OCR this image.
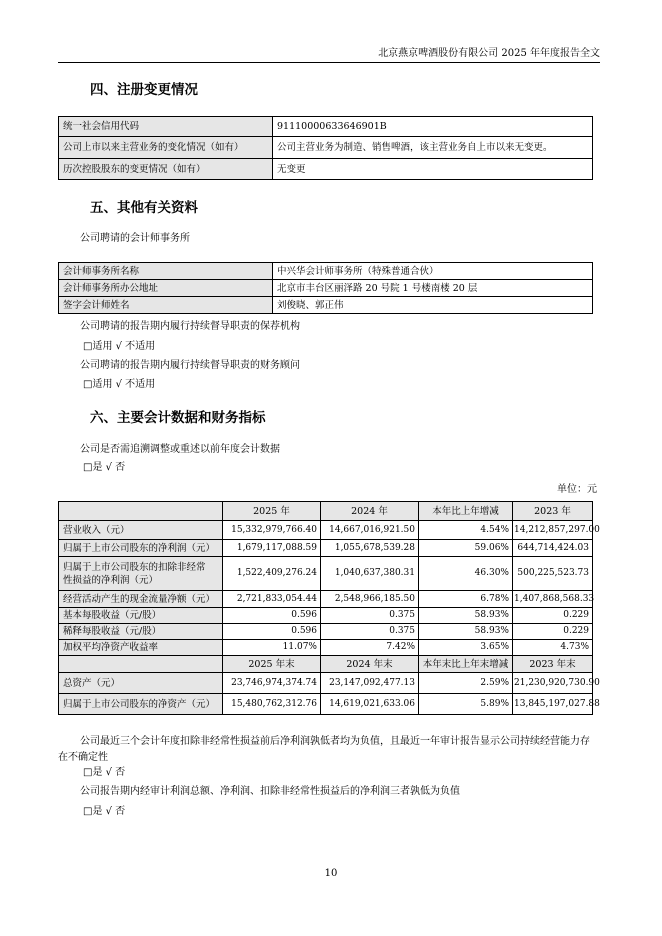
北京燕京啤酒股份有限公司 2025 年年度报告全文
四、注册变更情况
统一社会信用代码	91110000633646901B
公司上市以来主营业务的变化情况（如有）	公司主营业务为制造、销售啤酒，该主营业务自上市以来无变更。
历次控股股东的变更情况（如有）	无变更
五、其他有关资料
公司聘请的会计师事务所
会计师事务所名称	中兴华会计师事务所（特殊普通合伙）
会计师事务所办公地址	北京市丰台区丽泽路 20 号院 1 号楼南楼 20 层
签字会计师姓名	刘俊晓、郭正伟
公司聘请的报告期内履行持续督导职责的保荐机构
□适用 √ 不适用
公司聘请的报告期内履行持续督导职责的财务顾问
□适用 √ 不适用
六、主要会计数据和财务指标
公司是否需追溯调整或重述以前年度会计数据
□是 √ 否
单位：元
	2025 年	2024 年	本年比上年增减	2023 年
营业收入（元）	15,332,979,766.40	14,667,016,921.50	4.54%	14,212,857,297.00
归属于上市公司股东的净利润（元）	1,679,117,088.59	1,055,678,539.28	59.06%	644,714,424.03
归属于上市公司股东的扣除非经常性损益的净利润（元）	1,522,409,276.24	1,040,637,380.31	46.30%	500,225,523.73
经营活动产生的现金流量净额（元）	2,721,833,054.44	2,548,966,185.50	6.78%	1,407,868,568.33
基本每股收益（元/股）	0.596	0.375	58.93%	0.229
稀释每股收益（元/股）	0.596	0.375	58.93%	0.229
加权平均净资产收益率	11.07%	7.42%	3.65%	4.73%
	2025 年末	2024 年末	本年末比上年末增减	2023 年末
总资产（元）	23,746,974,374.74	23,147,092,477.13	2.59%	21,230,920,730.90
归属于上市公司股东的净资产（元）	15,480,762,312.76	14,619,021,633.06	5.89%	13,845,197,027.88
公司最近三个会计年度扣除非经常性损益前后净利润孰低者均为负值，且最近一年审计报告显示公司持续经营能力存在不确定性
□是 √ 否
公司报告期内经审计利润总额、净利润、扣除非经常性损益后的净利润三者孰低为负值
□是 √ 否
10
